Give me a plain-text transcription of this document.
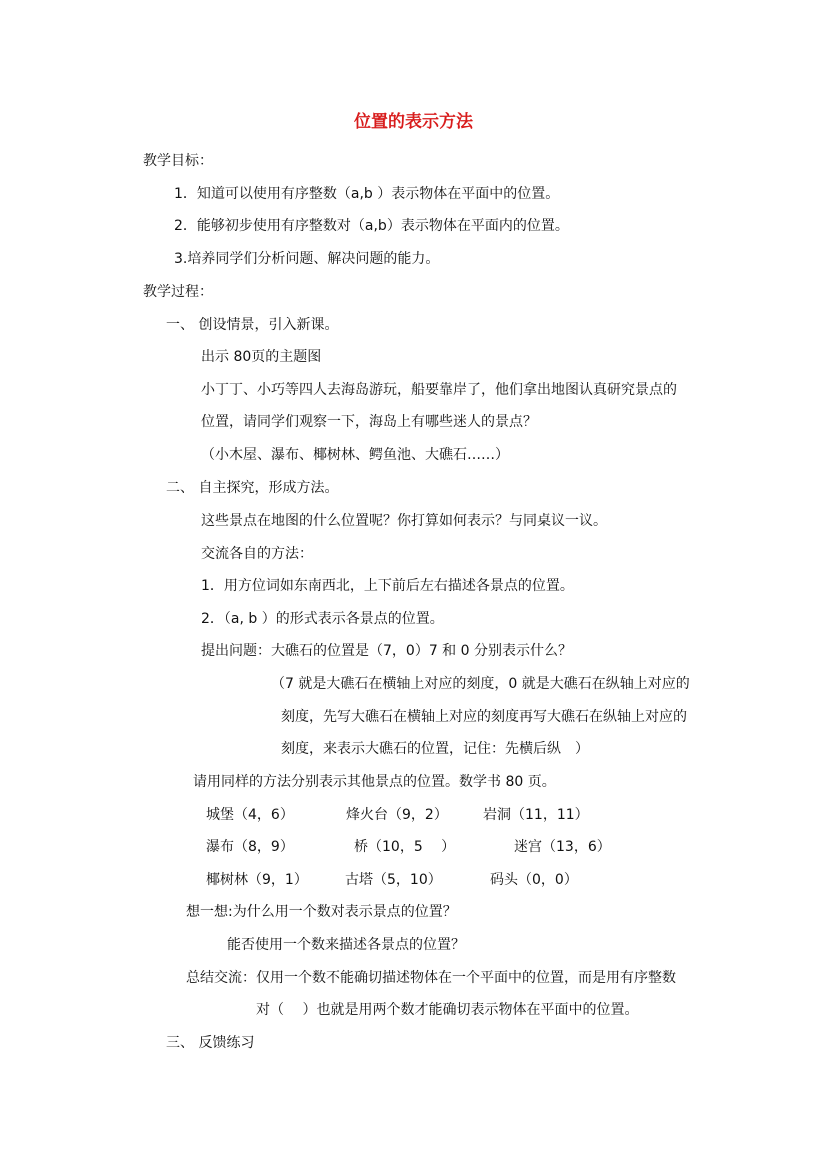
位置的表示方法
教学目标：
1．知道可以使用有序整数（a,b ）表示物体在平面中的位置。
2．能够初步使用有序整数对（a,b）表示物体在平面内的位置。
3.培养同学们分析问题、解决问题的能力。
教学过程：
一、 创设情景，引入新课。
出示 80页的主题图
小丁丁、小巧等四人去海岛游玩，船要靠岸了，他们拿出地图认真研究景点的
位置，请同学们观察一下，海岛上有哪些迷人的景点？
（小木屋、瀑布、椰树林、鳄鱼池、大礁石……）
二、 自主探究，形成方法。
这些景点在地图的什么位置呢？你打算如何表示？与同桌议一议。
交流各自的方法：
1．用方位词如东南西北，上下前后左右描述各景点的位置。
2．（a, b ）的形式表示各景点的位置。
提出问题：大礁石的位置是（7，0）7 和 0 分别表示什么？
（7 就是大礁石在横轴上对应的刻度，0 就是大礁石在纵轴上对应的
刻度，先写大礁石在横轴上对应的刻度再写大礁石在纵轴上对应的
刻度，来表示大礁石的位置，记住：先横后纵　）
请用同样的方法分别表示其他景点的位置。数学书 80 页。
城堡（4，6）	烽火台（9，2）	岩洞（11，11）
瀑布（8，9）	桥（10，5　 ）	迷宫（13，6）
椰树林（9，1）	古塔（5，10）	码头（0，0）
想一想:为什么用一个数对表示景点的位置？
能否使用一个数来描述各景点的位置？
总结交流：仅用一个数不能确切描述物体在一个平面中的位置，而是用有序整数
对（　 ）也就是用两个数才能确切表示物体在平面中的位置。
三、 反馈练习
